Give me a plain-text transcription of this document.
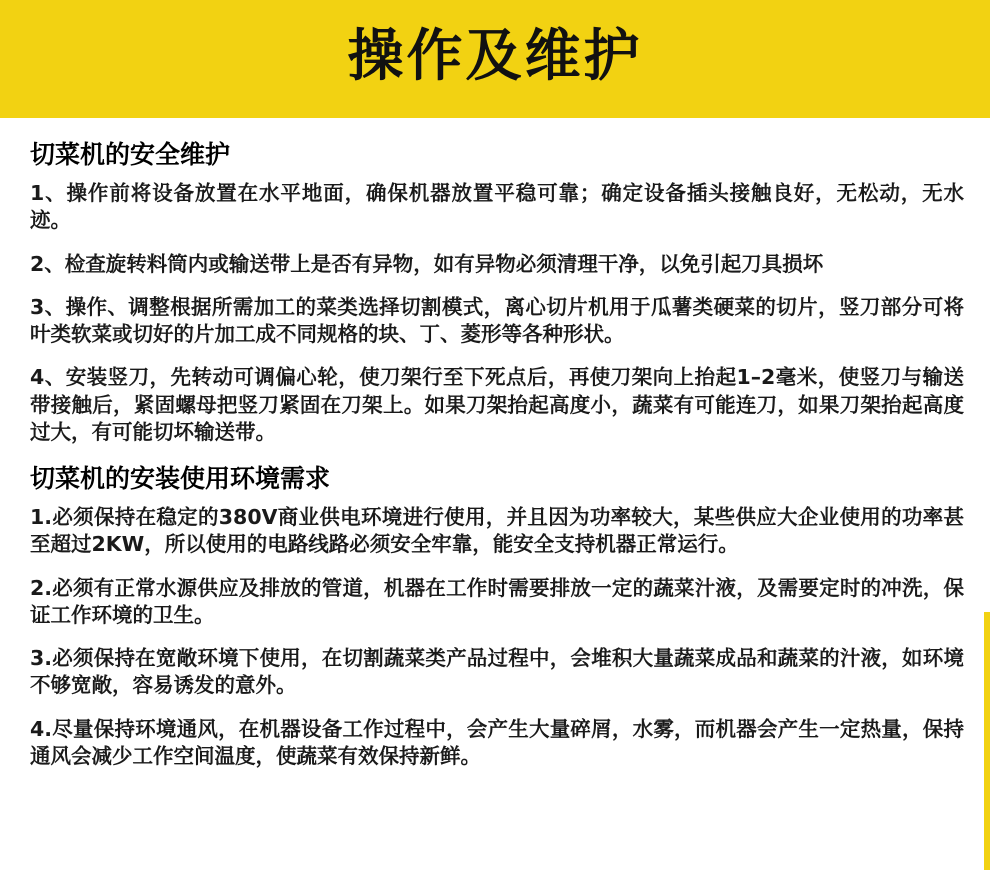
操作及维护
切菜机的安全维护

1、操作前将设备放置在水平地面，确保机器放置平稳可靠；确定设备插头接触良好，无松动，无水迹。

2、检查旋转料筒内或输送带上是否有异物，如有异物必须清理干净，以免引起刀具损坏

3、操作、调整根据所需加工的菜类选择切割模式，离心切片机用于瓜薯类硬菜的切片，竖刀部分可将叶类软菜或切好的片加工成不同规格的块、丁、菱形等各种形状。

4、安装竖刀，先转动可调偏心轮，使刀架行至下死点后，再使刀架向上抬起1–2毫米，使竖刀与输送带接触后，紧固螺母把竖刀紧固在刀架上。如果刀架抬起高度小，蔬菜有可能连刀，如果刀架抬起高度过大，有可能切坏输送带。

切菜机的安装使用环境需求

1.必须保持在稳定的380V商业供电环境进行使用，并且因为功率较大，某些供应大企业使用的功率甚至超过2KW，所以使用的电路线路必须安全牢靠，能安全支持机器正常运行。

2.必须有正常水源供应及排放的管道，机器在工作时需要排放一定的蔬菜汁液，及需要定时的冲洗，保证工作环境的卫生。

3.必须保持在宽敞环境下使用，在切割蔬菜类产品过程中，会堆积大量蔬菜成品和蔬菜的汁液，如环境不够宽敞，容易诱发的意外。

4.尽量保持环境通风，在机器设备工作过程中，会产生大量碎屑，水雾，而机器会产生一定热量，保持通风会减少工作空间温度，使蔬菜有效保持新鲜。
